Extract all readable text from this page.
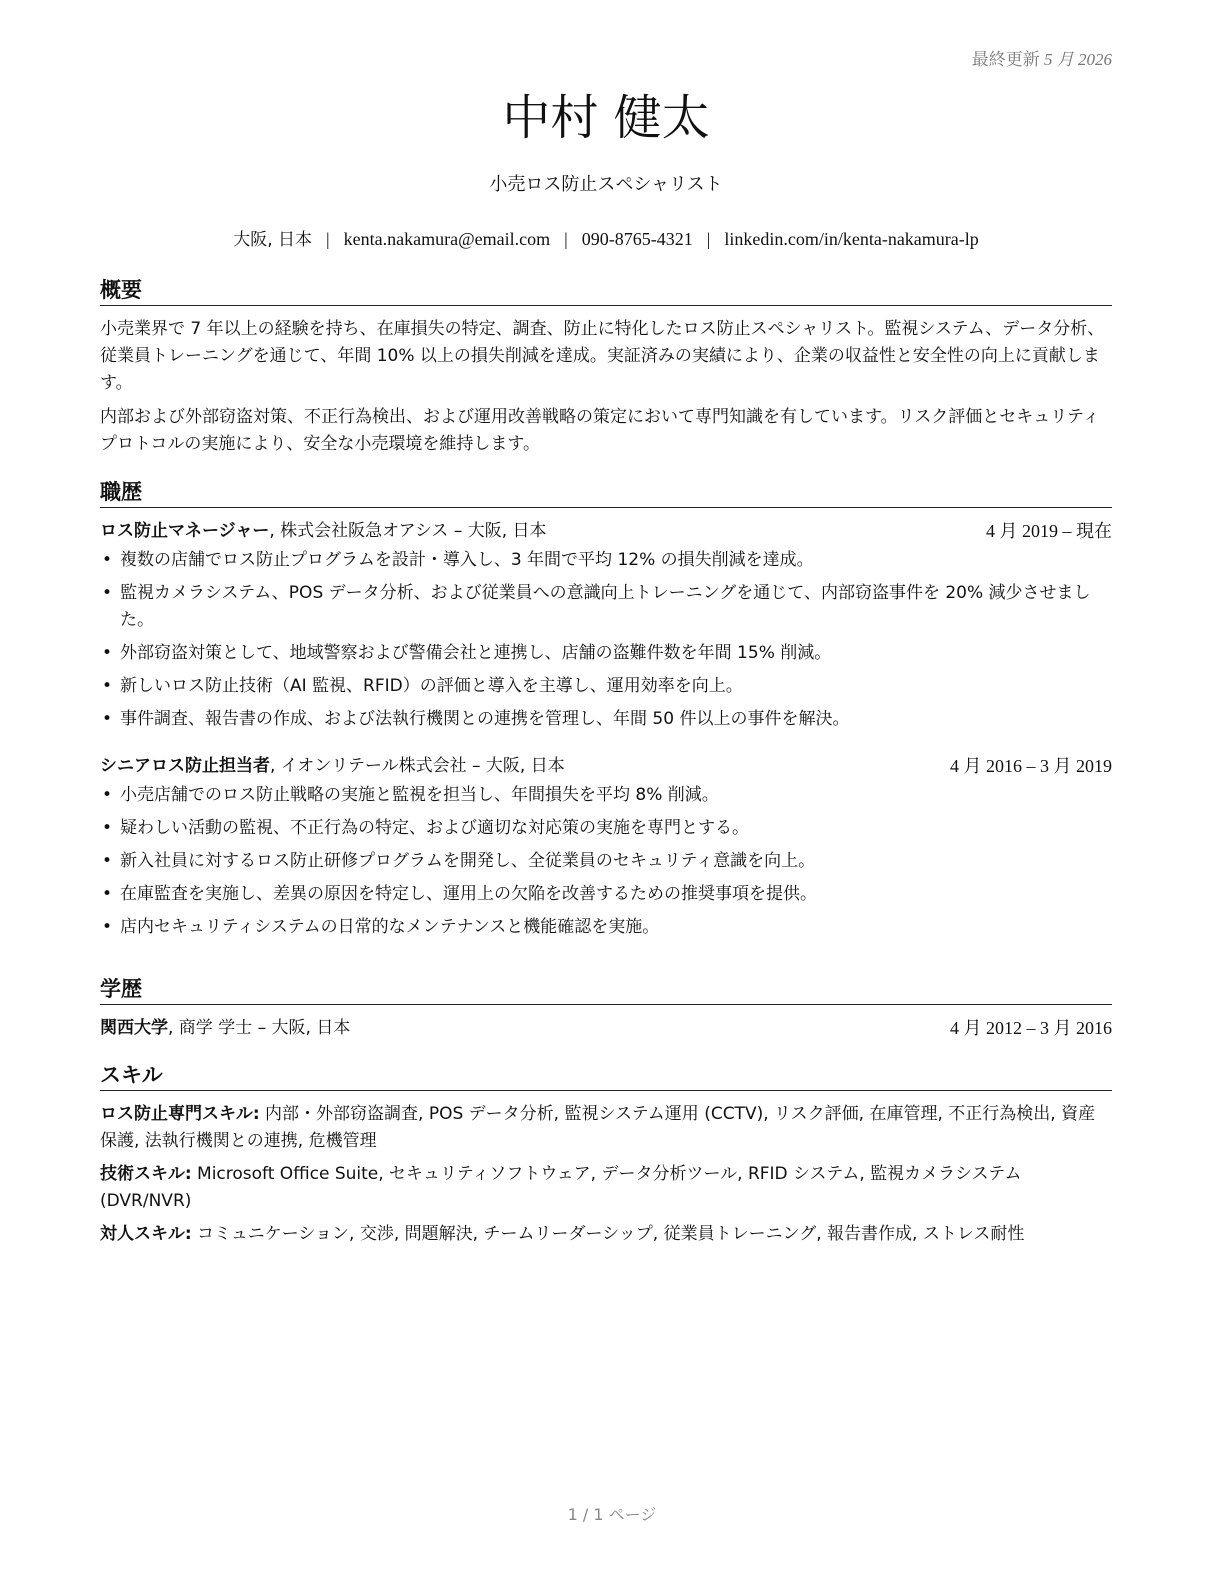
最終更新 5 月 2026
中村 健太
小売ロス防止スペシャリスト
大阪, 日本 | kenta.nakamura@email.com | 090-8765-4321 | linkedin.com/in/kenta-nakamura-lp
概要

小売業界で 7 年以上の経験を持ち、在庫損失の特定、調査、防止に特化したロス防止スペシャリスト。監視システム、データ分析、従業員トレーニングを通じて、年間 10% 以上の損失削減を達成。実証済みの実績により、企業の収益性と安全性の向上に貢献します。

内部および外部窃盗対策、不正行為検出、および運用改善戦略の策定において専門知識を有しています。リスク評価とセキュリティプロトコルの実施により、安全な小売環境を維持します。

職歴
ロス防止マネージャー, 株式会社阪急オアシス – 大阪, 日本	4 月 2019 – 現在
• 複数の店舗でロス防止プログラムを設計・導入し、3 年間で平均 12% の損失削減を達成。
• 監視カメラシステム、POS データ分析、および従業員への意識向上トレーニングを通じて、内部窃盗事件を 20% 減少させました。
• 外部窃盗対策として、地域警察および警備会社と連携し、店舗の盗難件数を年間 15% 削減。
• 新しいロス防止技術（AI 監視、RFID）の評価と導入を主導し、運用効率を向上。
• 事件調査、報告書の作成、および法執行機関との連携を管理し、年間 50 件以上の事件を解決。
シニアロス防止担当者, イオンリテール株式会社 – 大阪, 日本	4 月 2016 – 3 月 2019
• 小売店舗でのロス防止戦略の実施と監視を担当し、年間損失を平均 8% 削減。
• 疑わしい活動の監視、不正行為の特定、および適切な対応策の実施を専門とする。
• 新入社員に対するロス防止研修プログラムを開発し、全従業員のセキュリティ意識を向上。
• 在庫監査を実施し、差異の原因を特定し、運用上の欠陥を改善するための推奨事項を提供。
• 店内セキュリティシステムの日常的なメンテナンスと機能確認を実施。
学歴
関西大学, 商学 学士 – 大阪, 日本	4 月 2012 – 3 月 2016
スキル

ロス防止専門スキル: 内部・外部窃盗調査, POS データ分析, 監視システム運用 (CCTV), リスク評価, 在庫管理, 不正行為検出, 資産保護, 法執行機関との連携, 危機管理

技術スキル: Microsoft Office Suite, セキュリティソフトウェア, データ分析ツール, RFID システム, 監視カメラシステム (DVR/NVR)

対人スキル: コミュニケーション, 交渉, 問題解決, チームリーダーシップ, 従業員トレーニング, 報告書作成, ストレス耐性

1 / 1 ページ
